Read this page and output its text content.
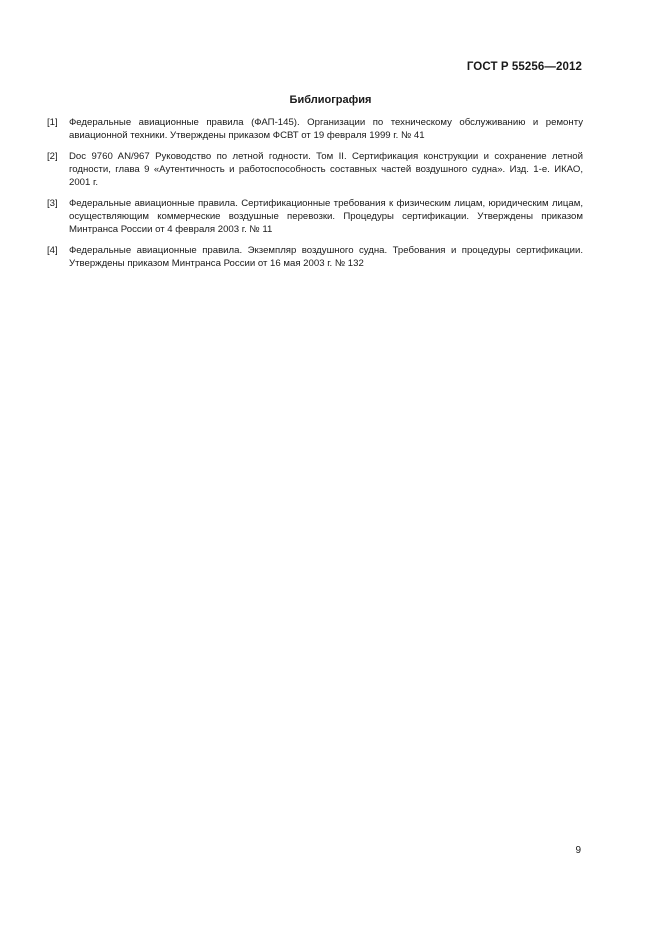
ГОСТ Р 55256—2012
Библиография
[1]	Федеральные авиационные правила (ФАП-145). Организации по техническому обслуживанию и ремонту авиационной техники. Утверждены приказом ФСВТ от 19 февраля 1999 г. № 41
[2]	Doc 9760 AN/967 Руководство по летной годности. Том II. Сертификация конструкции и сохранение летной годности, глава 9 «Аутентичность и работоспособность составных частей воздушного судна». Изд. 1-е. ИКАО, 2001 г.
[3]	Федеральные авиационные правила. Сертификационные требования к физическим лицам, юридическим лицам, осуществляющим коммерческие воздушные перевозки. Процедуры сертификации. Утверждены приказом Минтранса России от 4 февраля 2003 г. № 11
[4]	Федеральные авиационные правила. Экземпляр воздушного судна. Требования и процедуры сертификации. Утверждены приказом Минтранса России от 16 мая 2003 г. № 132
9
